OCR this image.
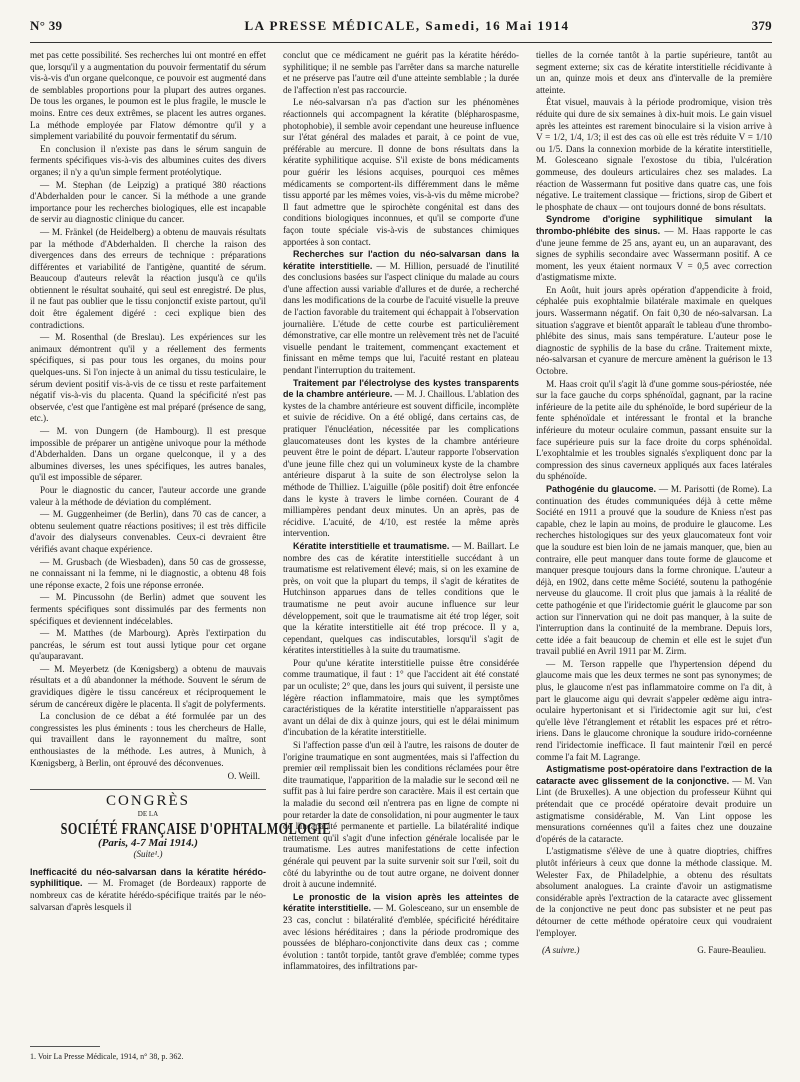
N° 39	LA PRESSE MÉDICALE, Samedi, 16 Mai 1914	379

met pas cette possibilité. Ses recherches lui ont montré en effet que, lorsqu'il y a augmentation du pouvoir fermentatif du sérum vis-à-vis d'un organe quelconque, ce pouvoir est augmenté dans de semblables proportions pour la plupart des autres organes. De tous les organes, le poumon est le plus fragile, le muscle le moins. Entre ces deux extrêmes, se placent les autres organes. La méthode employée par Flatow démontre qu'il y a simplement variabilité du pouvoir fermentatif du sérum.

En conclusion il n'existe pas dans le sérum sanguin de ferments spécifiques vis-à-vis des albumines cuites des divers organes; il n'y a qu'un simple ferment protéolytique.

— M. Stephan (de Leipzig) a pratiqué 380 réactions d'Abderhalden pour le cancer. Si la méthode a une grande importance pour les recherches biologiques, elle est incapable de servir au diagnostic clinique du cancer.

— M. Fränkel (de Heidelberg) a obtenu de mauvais résultats par la méthode d'Abderhalden. Il cherche la raison des divergences dans des erreurs de technique : préparations différentes et variabilité de l'antigène, quantité de sérum. Beaucoup d'auteurs relevât la réaction jusqu'à ce qu'ils obtiennent le résultat souhaité, qui seul est enregistré. De plus, il ne faut pas oublier que le tissu conjonctif existe partout, qu'il doit être également digéré : ceci explique bien des contradictions.

— M. Rosenthal (de Breslau). Les expériences sur les animaux démontrent qu'il y a réellement des ferments spécifiques, si pas pour tous les organes, du moins pour quelques-uns. Si l'on injecte à un animal du tissu testiculaire, le sérum devient positif vis-à-vis de ce tissu et reste parfaitement négatif vis-à-vis du placenta. Quand la spécificité n'est pas observée, c'est que l'antigène est mal préparé (présence de sang, etc.).

— M. von Dungern (de Hambourg). Il est presque impossible de préparer un antigène univoque pour la méthode d'Abderhalden. Dans un organe quelconque, il y a des albumines diverses, les unes spécifiques, les autres banales, qu'il est impossible de séparer.

Pour le diagnostic du cancer, l'auteur accorde une grande valeur à la méthode de déviation du complément.

— M. Guggenheimer (de Berlin), dans 70 cas de cancer, a obtenu seulement quatre réactions positives; il est très difficile d'avoir des dialyseurs convenables. Ceux-ci devraient être vérifiés avant chaque expérience.

— M. Grusbach (de Wiesbaden), dans 50 cas de grossesse, ne connaissant ni la femme, ni le diagnostic, a obtenu 48 fois une réponse exacte, 2 fois une réponse erronée.

— M. Pincussohn (de Berlin) admet que souvent les ferments spécifiques sont dissimulés par des ferments non spécifiques et deviennent indécelables.

— M. Matthes (de Marbourg). Après l'extirpation du pancréas, le sérum est tout aussi lytique pour cet organe qu'auparavant.

— M. Meyerbetz (de Kœnigsberg) a obtenu de mauvais résultats et a dû abandonner la méthode. Souvent le sérum de gravidiques digère le tissu cancéreux et réciproquement le sérum de cancéreux digère le placenta. Il s'agit de polyferments.

La conclusion de ce débat a été formulée par un des congressistes les plus éminents : tous les chercheurs de Halle, qui travaillent dans le rayonnement du maître, sont enthousiastes de la méthode. Les autres, à Munich, à Kœnigsberg, à Berlin, ont éprouvé des déconvenues.

O. Weill.
CONGRÈS
DE LA
SOCIÉTÉ FRANÇAISE D'OPHTALMOLOGIE
(Paris, 4-7 Mai 1914.)
(Suite¹.)

Inefficacité du néo-salvarsan dans la kératite hérédo-syphilitique. — M. Fromaget (de Bordeaux) rapporte de nombreux cas de kératite hérédo-spécifique traités par le néo-salvarsan d'après lesquels il

1. Voir La Presse Médicale, 1914, n° 38, p. 362.

conclut que ce médicament ne guérit pas la kératite hérédo-syphilitique; il ne semble pas l'arrêter dans sa marche naturelle et ne préserve pas l'autre œil d'une atteinte semblable ; la durée de l'affection n'est pas raccourcie.

Le néo-salvarsan n'a pas d'action sur les phénomènes réactionnels qui accompagnent la kératite (blépharospasme, photophobie), il semble avoir cependant une heureuse influence sur l'état général des malades et parait, à ce point de vue, préférable au mercure. Il donne de bons résultats dans la kératite syphilitique acquise. S'il existe de bons médicaments pour guérir les lésions acquises, pourquoi ces mêmes médicaments se comportent-ils différemment dans le même tissu apporté par les mêmes voies, vis-à-vis du même microbe? Il faut admettre que le spirochète congénital est dans des conditions biologiques inconnues, et qu'il se comporte d'une façon toute spéciale vis-à-vis de substances chimiques apportées à son contact.

Recherches sur l'action du néo-salvarsan dans la kératite interstitielle. — M. Hillion, persuadé de l'inutilité des conclusions basées sur l'aspect clinique du malade au cours d'une affection aussi variable d'allures et de durée, a recherché dans les modifications de la courbe de l'acuité visuelle la preuve de l'action favorable du traitement qui échappait à l'observation journalière. L'étude de cette courbe est particulièrement démonstrative, car elle montre un relèvement très net de l'acuité visuelle pendant le traitement, commençant exactement et finissant en même temps que lui, l'acuité restant en plateau pendant l'interruption du traitement.

Traitement par l'électrolyse des kystes transparents de la chambre antérieure. — M. J. Chaillous. L'ablation des kystes de la chambre antérieure est souvent difficile, incomplète et suivie de récidive. On a été obligé, dans certains cas, de pratiquer l'énucléation, nécessitée par les complications glaucomateuses dont les kystes de la chambre antérieure peuvent être le point de départ. L'auteur rapporte l'observation d'une jeune fille chez qui un volumineux kyste de la chambre antérieure disparut à la suite de son électrolyse selon la méthode de Thilliez. L'aiguille (pôle positif) doit être enfoncée dans le kyste à travers le limbe cornéen. Courant de 4 milliampères pendant deux minutes. Un an après, pas de récidive. L'acuité, de 4/10, est restée la même après intervention.

Kératite interstitielle et traumatisme. — M. Baillart. Le nombre des cas de kératite interstitielle succédant à un traumatisme est relativement élevé; mais, si on les examine de près, on voit que la plupart du temps, il s'agit de kératites de Hutchinson apparues dans de telles conditions que le traumatisme ne peut avoir aucune influence sur leur développement, soit que le traumatisme ait été trop léger, soit que la kératite interstitielle ait été trop précoce. Il y a, cependant, quelques cas indiscutables, lorsqu'il s'agit de kératites interstitielles à la suite du traumatisme.

Pour qu'une kératite interstitielle puisse être considérée comme traumatique, il faut : 1° que l'accident ait été constaté par un oculiste; 2° que, dans les jours qui suivent, il persiste une légère réaction inflammatoire, mais que les symptômes caractéristiques de la kératite interstitielle n'apparaissent pas avant un délai de dix à quinze jours, qui est le délai minimum d'incubation de la kératite interstitielle.

Si l'affection passe d'un œil à l'autre, les raisons de douter de l'origine traumatique en sont augmentées, mais si l'affection du premier œil remplissait bien les conditions réclamées pour être dite traumatique, l'apparition de la maladie sur le second œil ne suffit pas à lui faire perdre son caractère. Mais il est certain que la maladie du second œil n'entrera pas en ligne de compte ni pour retarder la date de consolidation, ni pour augmenter le taux de l'incapacité permanente et partielle. La bilatéralité indique nettement qu'il s'agit d'une infection générale localisée par le traumatisme. Les autres manifestations de cette infection générale qui peuvent par la suite survenir soit sur l'œil, soit du côté du labyrinthe ou de tout autre organe, ne doivent donner droit à aucune indemnité.

Le pronostic de la vision après les atteintes de kératite interstitielle. — M. Golesceano, sur un ensemble de 23 cas, conclut : bilatéralité d'emblée, spécificité héréditaire avec lésions héréditaires ; dans la période prodromique des poussées de blépharo-conjonctivite dans deux cas ; comme évolution : tantôt torpide, tantôt grave d'emblée; comme types inflammatoires, des infiltrations par-

tielles de la cornée tantôt à la partie supérieure, tantôt au segment externe; six cas de kératite interstitielle récidivante à un an, quinze mois et deux ans d'intervalle de la première atteinte.

État visuel, mauvais à la période prodromique, vision très réduite qui dure de six semaines à dix-huit mois. Le gain visuel après les atteintes est rarement binoculaire si la vision arrive à V = 1/2, 1/4, 1/3; il est des cas où elle est très réduite V = 1/10 ou 1/5. Dans la connexion morbide de la kératite interstitielle, M. Golesceano signale l'exostose du tibia, l'ulcération gommeuse, des douleurs articulaires chez ses malades. La réaction de Wassermann fut positive dans quatre cas, une fois négative. Le traitement classique — frictions, sirop de Gibert et le phosphate de chaux — ont toujours donné de bons résultats.

Syndrome d'origine syphilitique simulant la thrombo-phlébite des sinus. — M. Haas rapporte le cas d'une jeune femme de 25 ans, ayant eu, un an auparavant, des signes de syphilis secondaire avec Wassermann positif. A ce moment, les yeux étaient normaux V = 0,5 avec correction d'astigmatisme mixte.

En Août, huit jours après opération d'appendicite à froid, céphalée puis exophtalmie bilatérale maximale en quelques jours. Wassermann négatif. On fait 0,30 de néo-salvarsan. La situation s'aggrave et bientôt apparaît le tableau d'une thrombo-phlébite des sinus, mais sans température. L'auteur pose le diagnostic de syphilis de la base du crâne. Traitement mixte, néo-salvarsan et cyanure de mercure amènent la guérison le 13 Octobre.

M. Haas croit qu'il s'agit là d'une gomme sous-périostée, née sur la face gauche du corps sphénoïdal, gagnant, par la racine inférieure de la petite aile du sphénoïde, le bord supérieur de la fente sphénoïdale et intéressant le frontal et la branche inférieure du moteur oculaire commun, passant ensuite sur la face supérieure puis sur la face droite du corps sphénoïdal. L'exophtalmie et les troubles signalés s'expliquent donc par la compression des sinus caverneux appliqués aux faces latérales du sphénoïde.

Pathogénie du glaucome. — M. Parisotti (de Rome). La continuation des études communiquées déjà à cette même Société en 1911 a prouvé que la soudure de Kniess n'est pas capable, chez le lapin au moins, de produire le glaucome. Les recherches histologiques sur des yeux glaucomateux font voir que la soudure est bien loin de ne jamais manquer, que, bien au contraire, elle peut manquer dans toute forme de glaucome et manquer presque toujours dans la forme chronique. L'auteur a déjà, en 1902, dans cette même Société, soutenu la pathogénie nerveuse du glaucome. Il croit plus que jamais à la réalité de cette pathogénie et que l'iridectomie guérit le glaucome par son action sur l'innervation qui ne doit pas manquer, à la suite de l'interruption dans la continuité de la membrane. Depuis lors, cette idée a fait beaucoup de chemin et elle est le sujet d'un travail publié en Avril 1911 par M. Zirm.

— M. Terson rappelle que l'hypertension dépend du glaucome mais que les deux termes ne sont pas synonymes; de plus, le glaucome n'est pas inflammatoire comme on l'a dit, à part le glaucome aigu qui devrait s'appeler œdème aigu intra-oculaire hypertonisant et si l'iridectomie agit sur lui, c'est qu'elle lève l'étranglement et rétablit les espaces pré et rétro-iriens. Dans le glaucome chronique la soudure irido-cornéenne rend l'iridectomie inefficace. Il faut maintenir l'œil en percé comme l'a fait M. Lagrange.

Astigmatisme post-opératoire dans l'extraction de la cataracte avec glissement de la conjonctive. — M. Van Lint (de Bruxelles). A une objection du professeur Kühnt qui prétendait que ce procédé opératoire devait produire un astigmatisme considérable, M. Van Lint oppose les mensurations cornéennes qu'il a faites chez une douzaine d'opérés de la cataracte.

L'astigmatisme s'élève de une à quatre dioptries, chiffres plutôt inférieurs à ceux que donne la méthode classique. M. Welester Fax, de Philadelphie, a obtenu des résultats absolument analogues. La crainte d'avoir un astigmatisme considérable après l'extraction de la cataracte avec glissement de la conjonctive ne peut donc pas subsister et ne peut pas détourner de cette méthode opératoire ceux qui voudraient l'employer.

(A suivre.)	G. Faure-Beaulieu.
